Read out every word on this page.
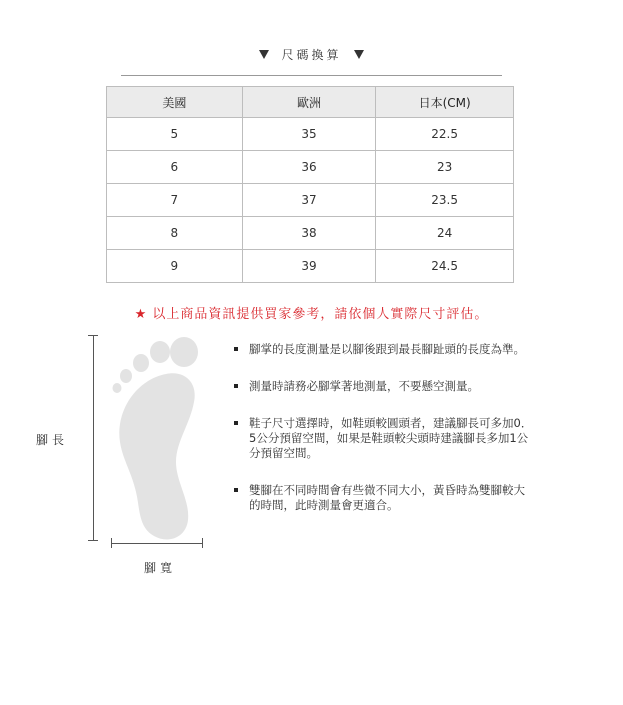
尺碼換算
美國	歐洲	日本(CM)
5	35	22.5
6	36	23
7	37	23.5
8	38	24
9	39	24.5
★ 以上商品資訊提供買家參考，請依個人實際尺寸評估。
腳長
腳寬
腳掌的長度測量是以腳後跟到最長腳趾頭的長度為準。
測量時請務必腳掌著地測量，不要懸空測量。
鞋子尺寸選擇時，如鞋頭較圓頭者，建議腳長可多加0．5公分預留空間，如果是鞋頭較尖頭時建議腳長多加1公分預留空間。
雙腳在不同時間會有些微不同大小，黃昏時為雙腳較大的時間，此時測量會更適合。
